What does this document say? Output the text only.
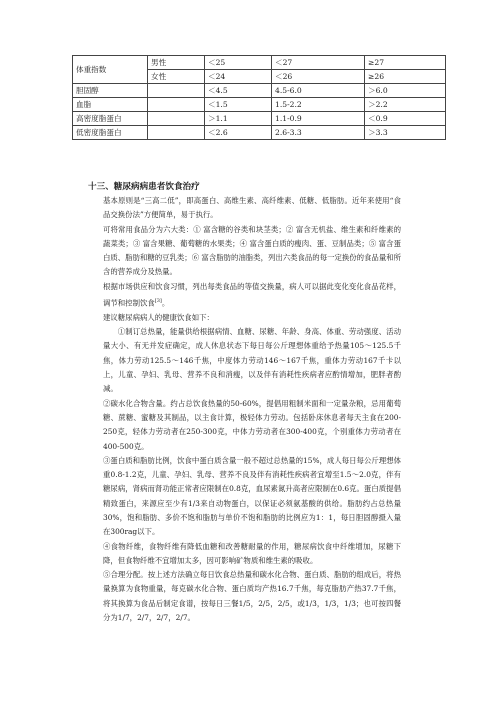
体重指数	男性	＜25	＜27	≥27
	女性	＜24	＜26	≥26
胆固醇		＜4.5	4.5-6.0	＞6.0
血脂		＜1.5	1.5-2.2	＞2.2
高密度脂蛋白		＞1.1	1.1-0.9	＜0.9
低密度脂蛋白		＜2.6	2.6-3.3	＞3.3
十三、糖尿病病患者饮食治疗

基本原则是“三高二低”，即高蛋白、高维生素、高纤维素、低糖、低脂肪。近年来使用“食品交换份法”方便简单，易于执行。

可将常用食品分为六大类：① 富含糖的谷类和块茎类；② 富含无机盐、维生素和纤维素的蔬菜类；③ 富含果糖、葡萄糖的水果类；④ 富含蛋白质的瘦肉、蛋、豆制品类；⑤ 富含蛋白质、脂肪和糖的豆乳类；⑥ 富含脂肪的油脂类，列出六类食品的每一定换份的食品量和所含的营养成分及热量。

根据市场供应和饮食习惯，列出每类食品的等值交换量，病人可以据此变化变化食品花样，调节和控制饮食[3]。

建议糖尿病病人的健康饮食如下：

①制订总热量，能量供给根据病情、血糖、尿糖、年龄、身高、体重、劳动强度、活动量大小、有无并发症确定，成人休息状态下每日每公斤理想体重给予热量105～125.5千焦，体力劳动125.5～146千焦，中度体力劳动146～167千焦，重体力劳动167千卡以上，儿童、孕妇、乳母、营养不良和消瘦，以及伴有消耗性疾病者应酌情增加，肥胖者酌减。

②碳水化合物含量。约占总饮食热量的50-60%，提倡用粗制米面和一定量杂粮，忌用葡萄糖、蔗糖、蜜糖及其制品，以主食计算，极轻体力劳动。包括卧床休息者每天主食在200-250克，轻体力劳动者在250-300克，中体力劳动者在300-400克，个别重体力劳动者在400-500克。

③蛋白质和脂肪比例，饮食中蛋白质含量一般不超过总热量的15%，成人每日每公斤理想体重0.8-1.2克，儿童、孕妇、乳母、营养不良及伴有消耗性疾病者宜增至1.5～2.0克，伴有糖尿病，肾病而肾功能正常者应限制在0.8克，血尿素氮升高者应限制在0.6克。蛋白质提倡精致蛋白，来源应至少有1/3来自动物蛋白，以保证必须氨基酸的供给。脂肪约占总热量30%，饱和脂肪、多价不饱和脂肪与单价不饱和脂肪的比例应为1：1，每日胆固醇摄入量在300rag以下。

④食物纤维，食物纤维有降低血糖和改善糖耐量的作用，糖尿病饮食中纤维增加，尿糖下降，但食物纤维不宜增加太多，因可影响矿物质和维生素的吸收。

⑤合理分配。按上述方法确立每日饮食总热量和碳水化合物、蛋白质、脂肪的组成后，将热量换算为食物重量，每克碳水化合物、蛋白质均产热16.7千焦，每克脂肪产热37.7千焦，将其换算为食品后制定食谱，按每日三餐1/5，2/5，2/5，或1/3，1/3，1/3；也可按四餐分为1/7，2/7，2/7，2/7。
